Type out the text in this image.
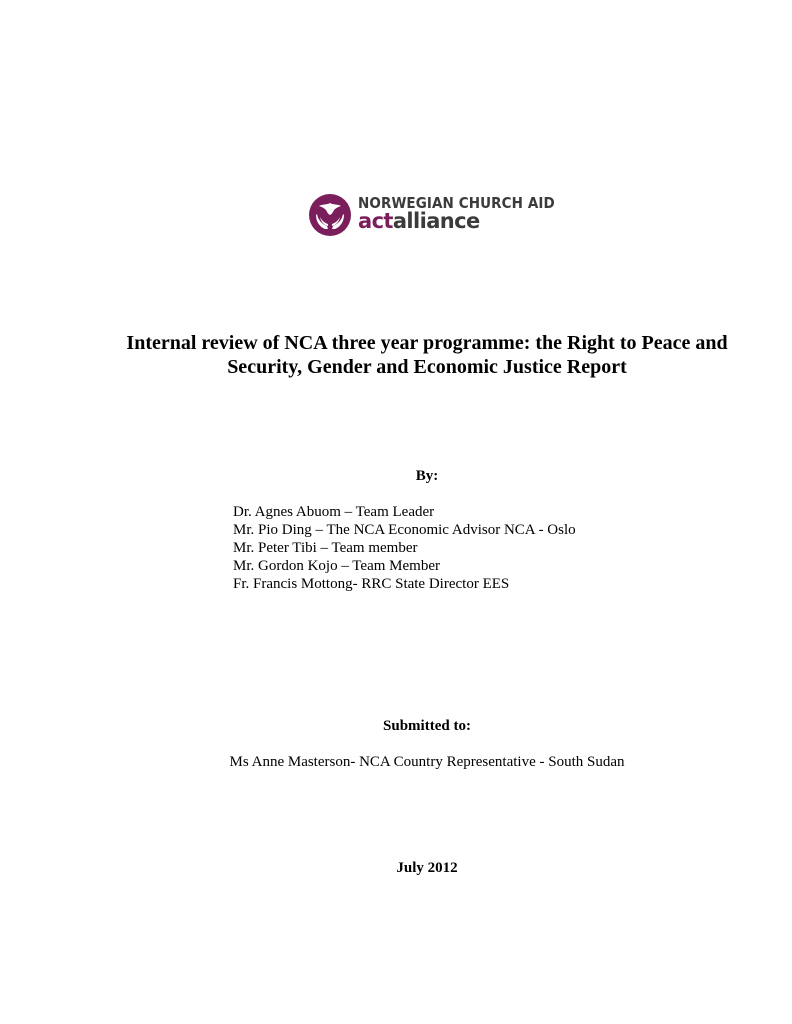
NORWEGIAN CHURCH AID
actalliance
Internal review of NCA three year programme: the Right to Peace and
Security, Gender and Economic Justice Report
By:
Dr. Agnes Abuom – Team Leader
Mr. Pio Ding – The NCA Economic Advisor NCA - Oslo
Mr. Peter Tibi – Team member
Mr. Gordon Kojo – Team Member
Fr. Francis Mottong- RRC State Director EES
Submitted to:
Ms Anne Masterson- NCA Country Representative - South Sudan
July 2012
